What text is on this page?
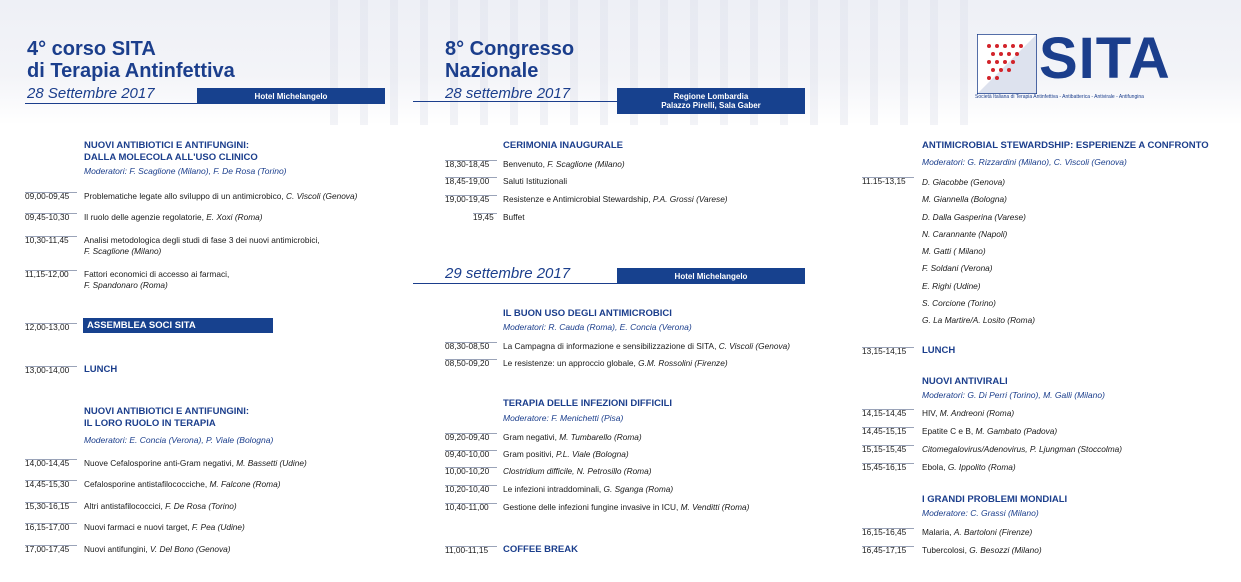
4° corso SITA
di Terapia Antinfettiva
28 Settembre 2017	Hotel Michelangelo
NUOVI ANTIBIOTICI E ANTIFUNGINI:
DALLA MOLECOLA ALL'USO CLINICO
Moderatori: F. Scaglione (Milano), F. De Rosa (Torino)
09,00-09,45 Problematiche legate allo sviluppo di un antimicrobico, C. Viscoli (Genova)
09,45-10,30 Il ruolo delle agenzie regolatorie, E. Xoxi (Roma)
10,30-11,45 Analisi metodologica degli studi di fase 3 dei nuovi antimicrobici,
F. Scaglione (Milano)
11,15-12,00 Fattori economici di accesso ai farmaci,
F. Spandonaro (Roma)
12,00-13,00	ASSEMBLEA SOCI SITA
13,00-14,00 LUNCH
NUOVI ANTIBIOTICI E ANTIFUNGINI:
IL LORO RUOLO IN TERAPIA
Moderatori: E. Concia (Verona), P. Viale (Bologna)
14,00-14,45 Nuove Cefalosporine anti-Gram negativi, M. Bassetti (Udine)
14,45-15,30 Cefalosporine antistafilococciche, M. Falcone (Roma)
15,30-16,15 Altri antistafilococcici, F. De Rosa (Torino)
16,15-17,00 Nuovi farmaci e nuovi target, F. Pea (Udine)
17,00-17,45 Nuovi antifungini, V. Del Bono (Genova)
8° Congresso
Nazionale
28 settembre 2017	Regione Lombardia
Palazzo Pirelli, Sala Gaber
CERIMONIA INAUGURALE
18,30-18,45 Benvenuto, F. Scaglione (Milano)
18,45-19,00 Saluti Istituzionali
19,00-19,45 Resistenze e Antimicrobial Stewardship, P.A. Grossi (Varese)
19,45 Buffet
29 settembre 2017	Hotel Michelangelo
IL BUON USO DEGLI ANTIMICROBICI
Moderatori: R. Cauda (Roma), E. Concia (Verona)
08,30-08,50 La Campagna di informazione e sensibilizzazione di SITA, C. Viscoli (Genova)
08,50-09,20 Le resistenze: un approccio globale, G.M. Rossolini (Firenze)
TERAPIA DELLE INFEZIONI DIFFICILI
Moderatore: F. Menichetti (Pisa)
09,20-09,40 Gram negativi, M. Tumbarello (Roma)
09,40-10,00 Gram positivi, P.L. Viale (Bologna)
10,00-10,20 Clostridium difficile, N. Petrosillo (Roma)
10,20-10,40 Le infezioni intraddominali, G. Sganga (Roma)
10,40-11,00 Gestione delle infezioni fungine invasive in ICU, M. Venditti (Roma)
11,00-11,15 COFFEE BREAK
SITA
Società Italiana di Terapia Antinfettiva - Antibatterica - Antivirale - Antifungina
ANTIMICROBIAL STEWARDSHIP: ESPERIENZE A CONFRONTO
Moderatori: G. Rizzardini (Milano), C. Viscoli (Genova)
11.15-13,15 D. Giacobbe (Genova)
M. Giannella (Bologna)
D. Dalla Gasperina (Varese)
N. Carannante (Napoli)
M. Gatti ( Milano)
F. Soldani (Verona)
E. Righi (Udine)
S. Corcione (Torino)
G. La Martire/A. Losito (Roma)
13,15-14,15 LUNCH
NUOVI ANTIVIRALI
Moderatori: G. Di Perri (Torino), M. Galli (Milano)
14,15-14,45 HIV, M. Andreoni (Roma)
14,45-15,15 Epatite C e B, M. Gambato (Padova)
15,15-15,45 Citomegalovirus/Adenovirus, P. Ljungman (Stoccolma)
15,45-16,15 Ebola, G. Ippolito (Roma)
I GRANDI PROBLEMI MONDIALI
Moderatore: C. Grassi (Milano)
16,15-16,45 Malaria, A. Bartoloni (Firenze)
16,45-17,15 Tubercolosi, G. Besozzi (Milano)
